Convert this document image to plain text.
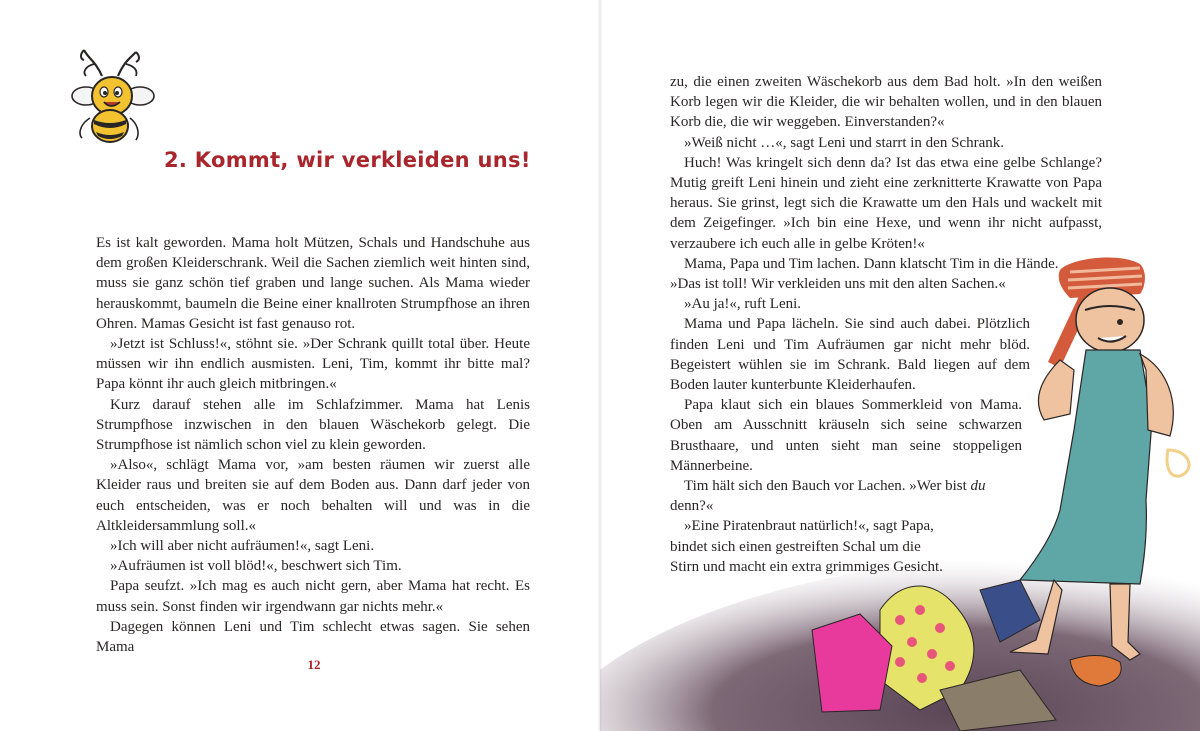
2. Kommt, wir verkleiden uns!

Es ist kalt geworden. Mama holt Mützen, Schals und Handschuhe aus dem großen Kleiderschrank. Weil die Sachen ziemlich weit hinten sind, muss sie ganz schön tief graben und lange suchen. Als Mama wieder herauskommt, baumeln die Beine einer knallroten Strumpfhose an ihren Ohren. Mamas Gesicht ist fast genauso rot.

»Jetzt ist Schluss!«, stöhnt sie. »Der Schrank quillt total über. Heute müssen wir ihn endlich ausmisten. Leni, Tim, kommt ihr bitte mal? Papa könnt ihr auch gleich mitbringen.«

Kurz darauf stehen alle im Schlafzimmer. Mama hat Lenis Strumpfhose inzwischen in den blauen Wäschekorb gelegt. Die Strumpfhose ist nämlich schon viel zu klein geworden.

»Also«, schlägt Mama vor, »am besten räumen wir zuerst alle Kleider raus und breiten sie auf dem Boden aus. Dann darf jeder von euch entscheiden, was er noch behalten will und was in die Altkleidersammlung soll.«

»Ich will aber nicht aufräumen!«, sagt Leni.

»Aufräumen ist voll blöd!«, beschwert sich Tim.

Papa seufzt. »Ich mag es auch nicht gern, aber Mama hat recht. Es muss sein. Sonst finden wir irgendwann gar nichts mehr.«

Dagegen können Leni und Tim schlecht etwas sagen. Sie sehen Mama

12

zu, die einen zweiten Wäschekorb aus dem Bad holt. »In den weißen Korb legen wir die Kleider, die wir behalten wollen, und in den blauen Korb die, die wir weggeben. Einverstanden?«

»Weiß nicht …«, sagt Leni und starrt in den Schrank.

Huch! Was kringelt sich denn da? Ist das etwa eine gelbe Schlange? Mutig greift Leni hinein und zieht eine zerknitterte Krawatte von Papa heraus. Sie grinst, legt sich die Krawatte um den Hals und wackelt mit dem Zeigefinger. »Ich bin eine Hexe, und wenn ihr nicht aufpasst, verzaubere ich euch alle in gelbe Kröten!«

Mama, Papa und Tim lachen. Dann klatscht Tim in die Hände.

»Das ist toll! Wir verkleiden uns mit den alten Sachen.«

»Au ja!«, ruft Leni.

Mama und Papa lächeln. Sie sind auch dabei. Plötzlich finden Leni und Tim Aufräumen gar nicht mehr blöd. Begeistert wühlen sie im Schrank. Bald liegen auf dem Boden lauter kunterbunte Kleiderhaufen.

Papa klaut sich ein blaues Sommerkleid von Mama. Oben am Ausschnitt kräuseln sich seine schwarzen Brusthaare, und unten sieht man seine stoppeligen Männerbeine.

Tim hält sich den Bauch vor Lachen. »Wer bist du denn?«

»Eine Piratenbraut natürlich!«, sagt Papa, bindet sich einen gestreiften Schal um die Stirn und macht ein extra grimmiges Gesicht.
